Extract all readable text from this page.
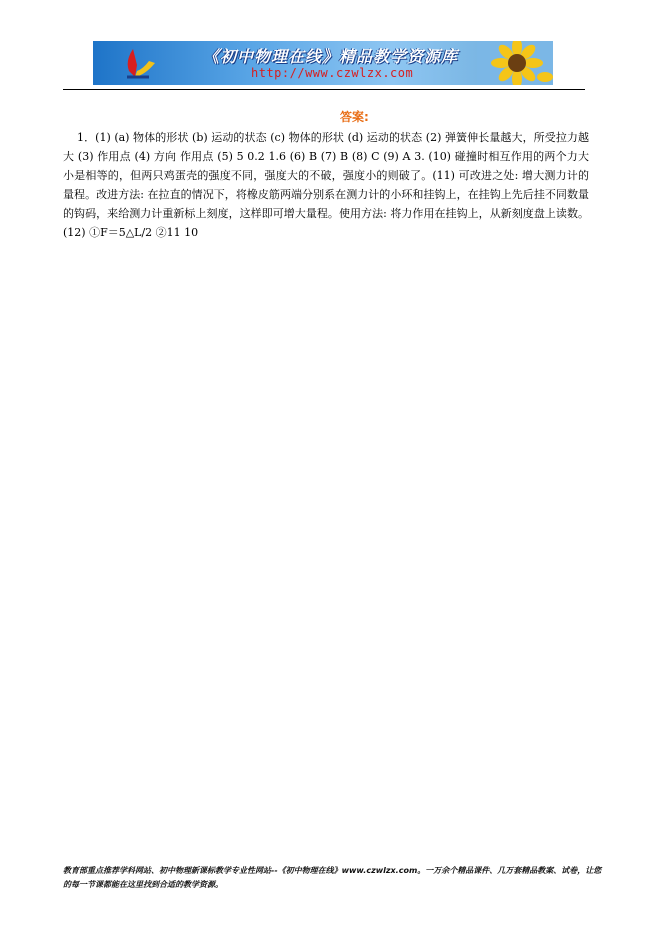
《初中物理在线》精品教学资源库
http://www.czwlzx.com
答案:
1．(1) (a) 物体的形状 (b) 运动的状态 (c) 物体的形状 (d) 运动的状态 (2) 弹簧伸长量越大，所受拉力越大 (3) 作用点 (4) 方向 作用点 (5) 5 0.2 1.6 (6) B (7) B (8) C (9) A 3. (10) 碰撞时相互作用的两个力大小是相等的，但两只鸡蛋壳的强度不同，强度大的不破，强度小的则破了。(11) 可改进之处: 增大测力计的量程。改进方法: 在拉直的情况下，将橡皮筋两端分别系在测力计的小环和挂钩上，在挂钩上先后挂不同数量的钩码，来给测力计重新标上刻度，这样即可增大量程。使用方法: 将力作用在挂钩上，从新刻度盘上读数。(12) ①F＝5△L/2 ②11 10
教育部重点推荐学科网站、初中物理新课标教学专业性网站--《初中物理在线》www.czwlzx.com。一万余个精品课件、几万套精品教案、试卷，让您的每一节课都能在这里找到合适的教学资源。
